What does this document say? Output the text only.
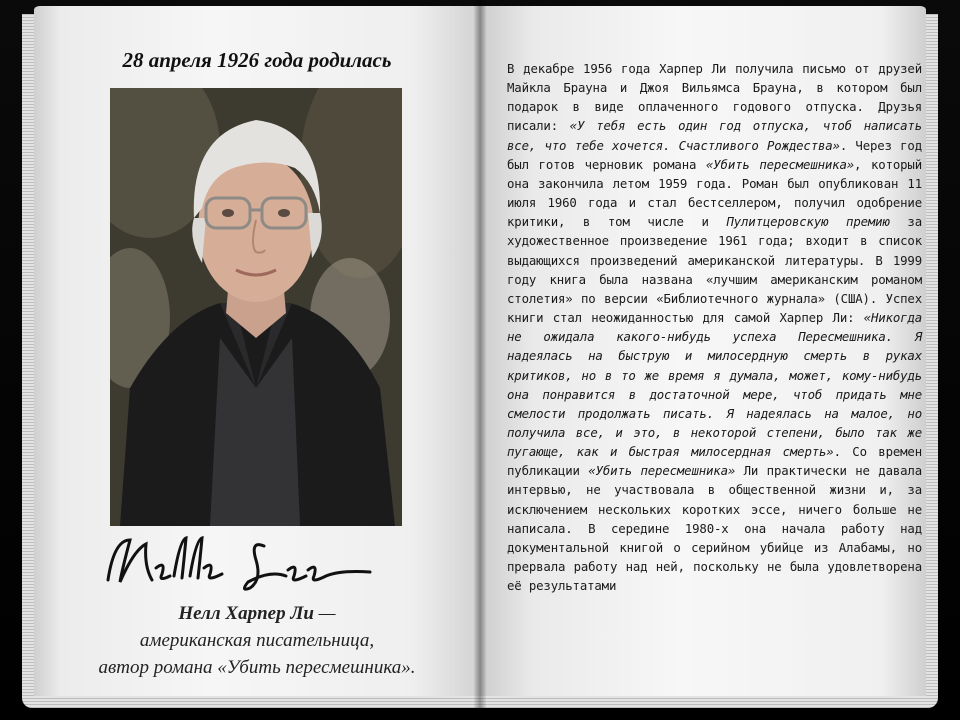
28 апреля 1926 года родилась
Нелл Харпер Ли —
американская писательница,
автор романа «Убить пересмешника».
В декабре 1956 года Харпер Ли получила письмо от друзей Майкла Брауна и Джоя Вильямса Брауна, в котором был подарок в виде оплаченного годового отпуска. Друзья писали: «У тебя есть один год отпуска, чтоб написать все, что тебе хочется. Счастливого Рождества». Через год был готов черновик романа «Убить пересмешника», который она закончила летом 1959 года. Роман был опубликован 11 июля 1960 года и стал бестселлером, получил одобрение критики, в том числе и Пулитцеровскую премию за художественное произведение 1961 года; входит в список выдающихся произведений американской литературы. В 1999 году книга была названа «лучшим американским романом столетия» по версии «Библиотечного журнала» (США). Успех книги стал неожиданностью для самой Харпер Ли: «Никогда не ожидала какого-нибудь успеха Пересмешника. Я надеялась на быструю и милосердную смерть в руках критиков, но в то же время я думала, может, кому-нибудь она понравится в достаточной мере, чтоб придать мне смелости продолжать писать. Я надеялась на малое, но получила все, и это, в некоторой степени, было так же пугающе, как и быстрая милосердная смерть». Со времен публикации «Убить пересмешника» Ли практически не давала интервью, не участвовала в общественной жизни и, за исключением нескольких коротких эссе, ничего больше не написала. В середине 1980-х она начала работу над документальной книгой о серийном убийце из Алабамы, но прервала работу над ней, поскольку не была удовлетворена её результатами
